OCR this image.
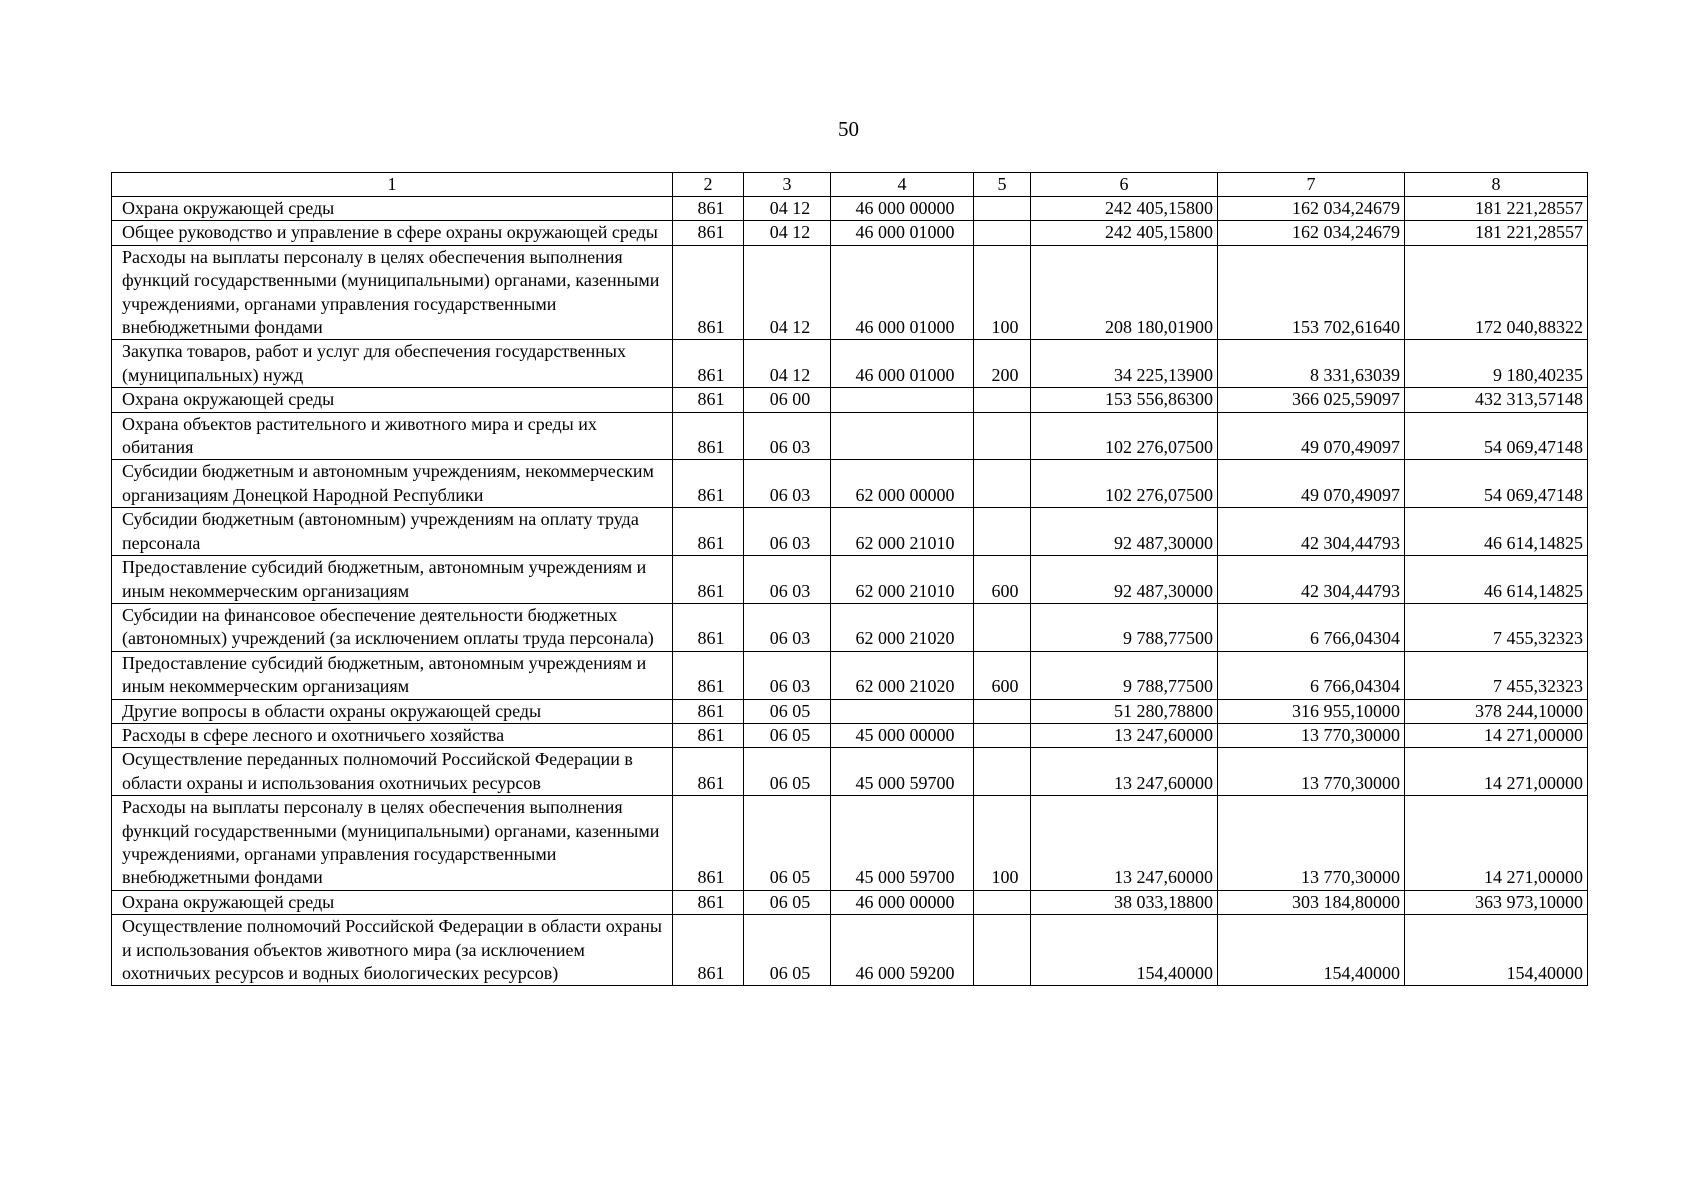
50
1	2	3	4	5	6	7	8
Охрана окружающей среды	861	04 12	46 000 00000		242 405,15800	162 034,24679	181 221,28557
Общее руководство и управление в сфере охраны окружающей среды	861	04 12	46 000 01000		242 405,15800	162 034,24679	181 221,28557
Расходы на выплаты персоналу в целях обеспечения выполнения функций государственными (муниципальными) органами, казенными учреждениями, органами управления государственными внебюджетными фондами	861	04 12	46 000 01000	100	208 180,01900	153 702,61640	172 040,88322
Закупка товаров, работ и услуг для обеспечения государственных (муниципальных) нужд	861	04 12	46 000 01000	200	34 225,13900	8 331,63039	9 180,40235
Охрана окружающей среды	861	06 00			153 556,86300	366 025,59097	432 313,57148
Охрана объектов растительного и животного мира и среды их обитания	861	06 03			102 276,07500	49 070,49097	54 069,47148
Субсидии бюджетным и автономным учреждениям, некоммерческим организациям Донецкой Народной Республики	861	06 03	62 000 00000		102 276,07500	49 070,49097	54 069,47148
Субсидии бюджетным (автономным) учреждениям на оплату труда персонала	861	06 03	62 000 21010		92 487,30000	42 304,44793	46 614,14825
Предоставление субсидий бюджетным, автономным учреждениям и иным некоммерческим организациям	861	06 03	62 000 21010	600	92 487,30000	42 304,44793	46 614,14825
Субсидии на финансовое обеспечение деятельности бюджетных (автономных) учреждений (за исключением оплаты труда персонала)	861	06 03	62 000 21020		9 788,77500	6 766,04304	7 455,32323
Предоставление субсидий бюджетным, автономным учреждениям и иным некоммерческим организациям	861	06 03	62 000 21020	600	9 788,77500	6 766,04304	7 455,32323
Другие вопросы в области охраны окружающей среды	861	06 05			51 280,78800	316 955,10000	378 244,10000
Расходы в сфере лесного и охотничьего хозяйства	861	06 05	45 000 00000		13 247,60000	13 770,30000	14 271,00000
Осуществление переданных полномочий Российской Федерации в области охраны и использования охотничьих ресурсов	861	06 05	45 000 59700		13 247,60000	13 770,30000	14 271,00000
Расходы на выплаты персоналу в целях обеспечения выполнения функций государственными (муниципальными) органами, казенными учреждениями, органами управления государственными внебюджетными фондами	861	06 05	45 000 59700	100	13 247,60000	13 770,30000	14 271,00000
Охрана окружающей среды	861	06 05	46 000 00000		38 033,18800	303 184,80000	363 973,10000
Осуществление полномочий Российской Федерации в области охраны и использования объектов животного мира (за исключением охотничьих ресурсов и водных биологических ресурсов)	861	06 05	46 000 59200		154,40000	154,40000	154,40000
